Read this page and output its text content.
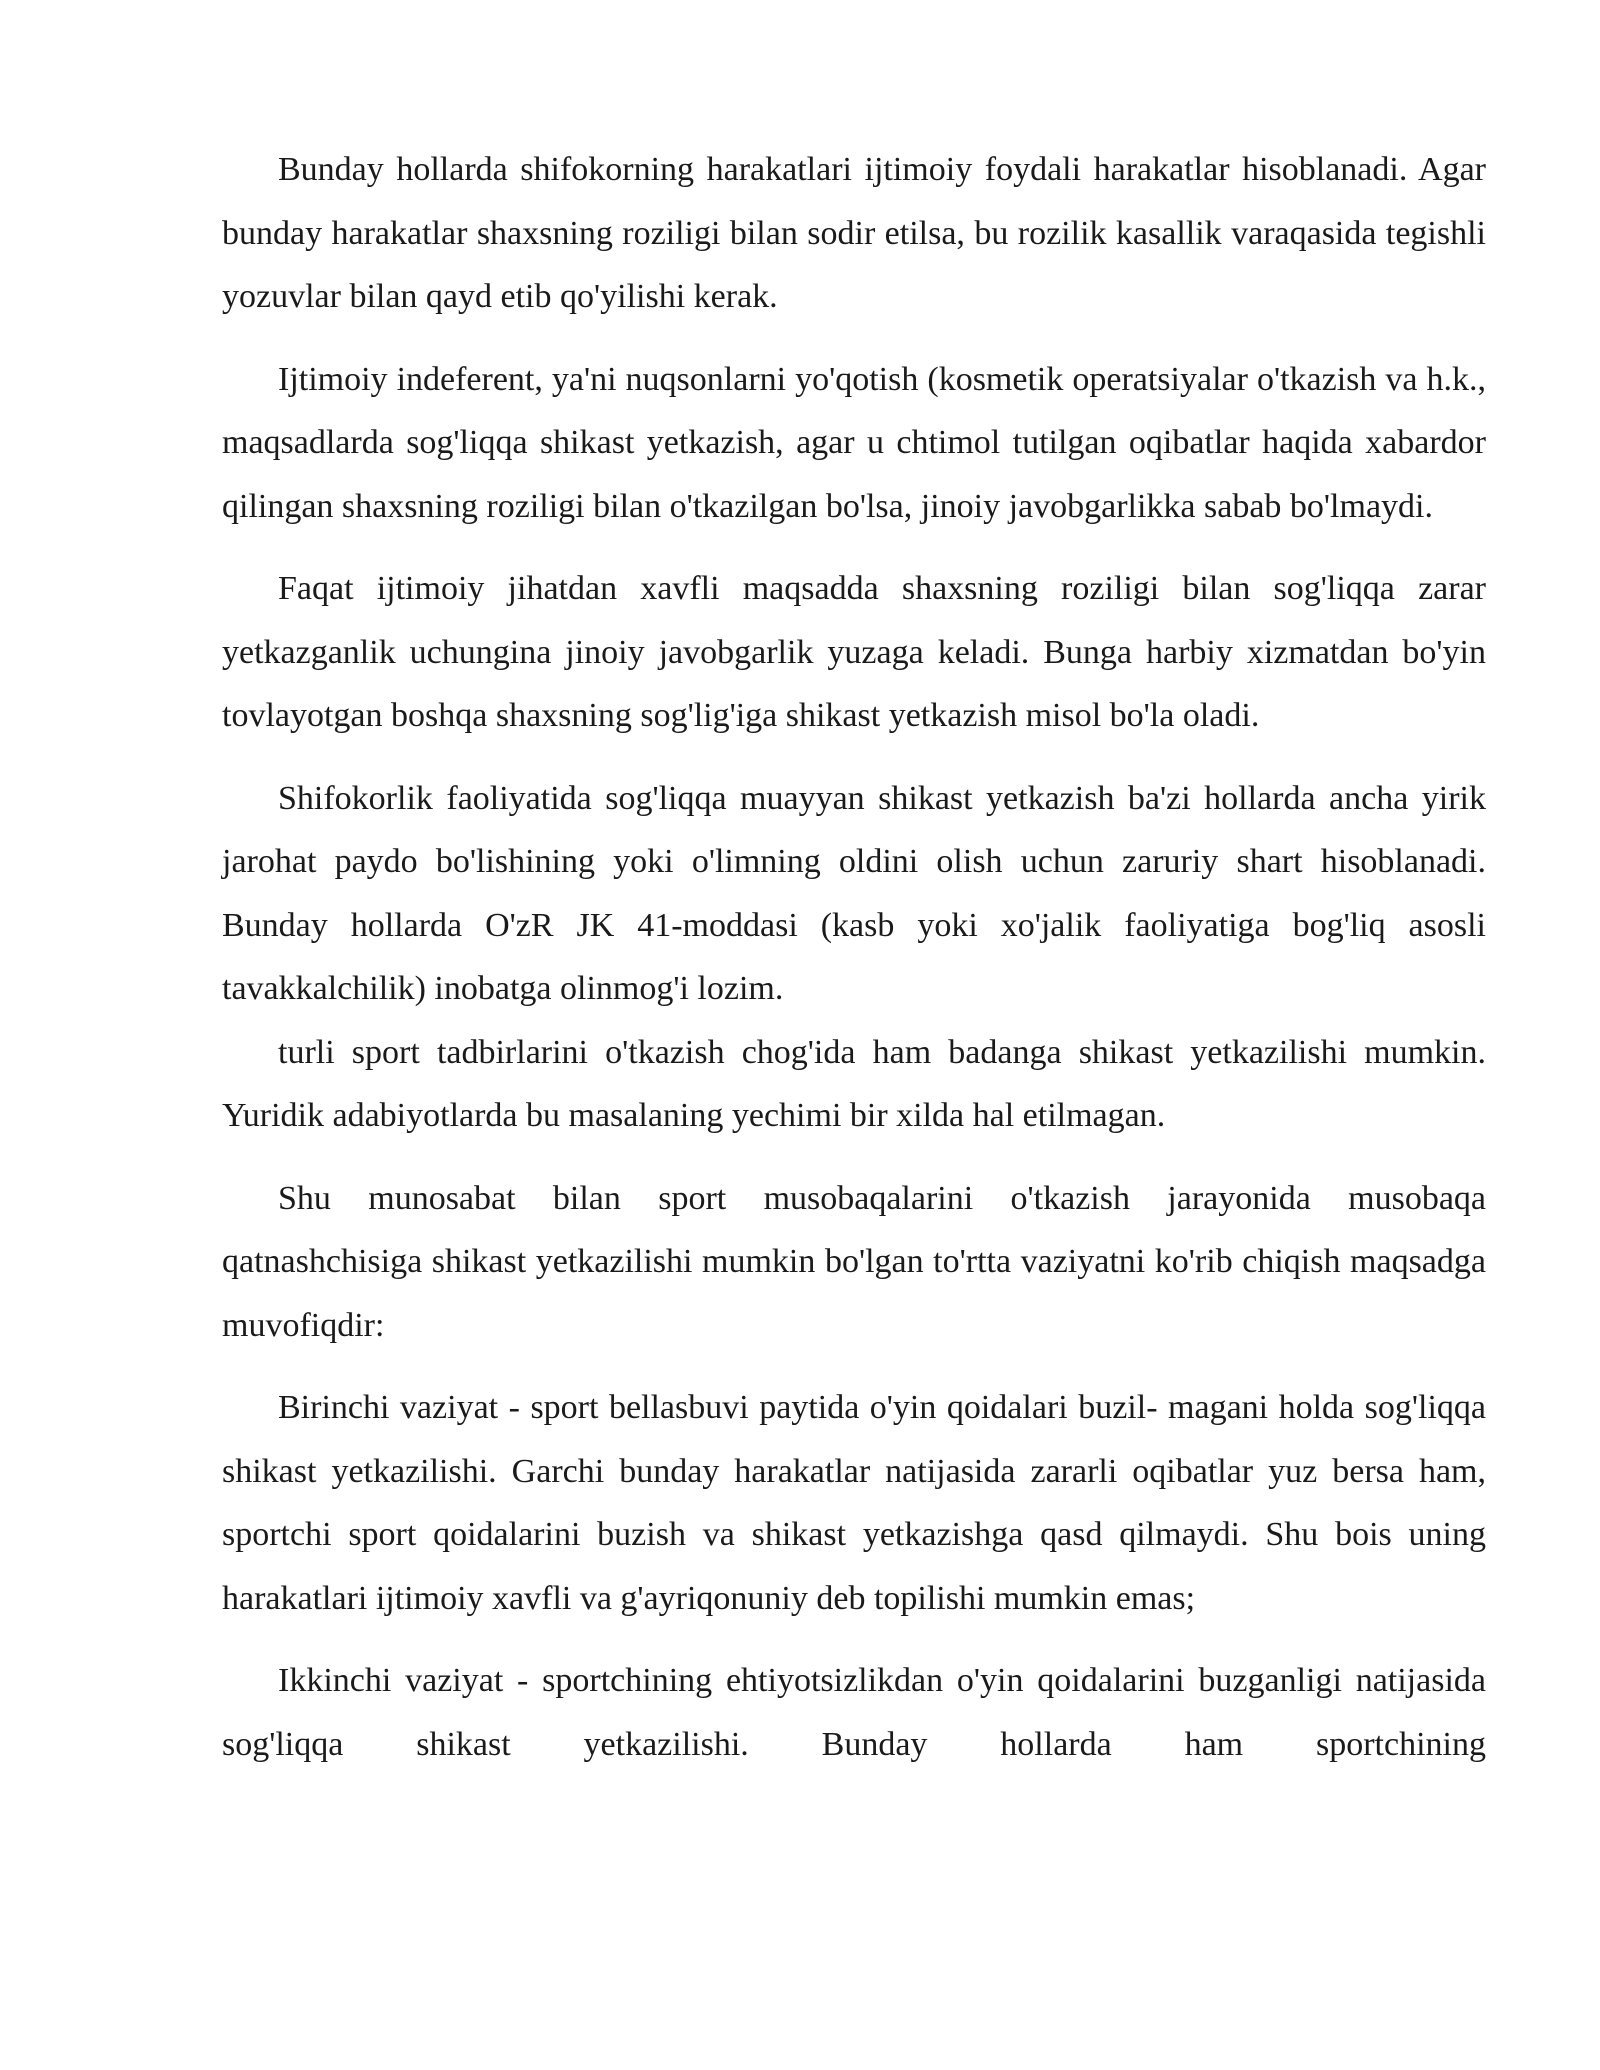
Bunday hollarda shifokorning harakatlari ijtimoiy foydali harakatlar hisoblanadi. Agar bunday harakatlar shaxsning roziligi bilan sodir etilsa, bu rozilik kasallik varaqasida tegishli yozuvlar bilan qayd etib qo'yilishi kerak.

Ijtimoiy indeferent, ya'ni nuqsonlarni yo'qotish (kosmetik operatsiyalar o'tkazish va h.k., maqsadlarda sog'liqqa shikast yetkazish, agar u chtimol tutilgan oqibatlar haqida xabardor qilingan shaxsning roziligi bilan o'tkazilgan bo'lsa, jinoiy javobgarlikka sabab bo'lmaydi.

Faqat ijtimoiy jihatdan xavfli maqsadda shaxsning roziligi bilan sog'liqqa zarar yetkazganlik uchungina jinoiy javobgarlik yuzaga keladi. Bunga harbiy xizmatdan bo'yin tovlayotgan boshqa shaxsning sog'lig'iga shikast yetkazish misol bo'la oladi.

Shifokorlik faoliyatida sog'liqqa muayyan shikast yetkazish ba'zi hollarda ancha yirik jarohat paydo bo'lishining yoki o'limning oldini olish uchun zaruriy shart hisoblanadi. Bunday hollarda O'zR JK 41-moddasi (kasb yoki xo'jalik faoliyatiga bog'liq asosli tavakkalchilik) inobatga olinmog'i lozim.

turli sport tadbirlarini o'tkazish chog'ida ham badanga shikast yetkazilishi mumkin. Yuridik adabiyotlarda bu masalaning yechimi bir xilda hal etilmagan.

Shu munosabat bilan sport musobaqalarini o'tkazish jarayonida musobaqa qatnashchisiga shikast yetkazilishi mumkin bo'lgan to'rtta vaziyatni ko'rib chiqish maqsadga muvofiqdir:

Birinchi vaziyat - sport bellasbuvi paytida o'yin qoidalari buzil- magani holda sog'liqqa shikast yetkazilishi. Garchi bunday harakatlar natijasida zararli oqibatlar yuz bersa ham, sportchi sport qoidalarini buzish va shikast yetkazishga qasd qilmaydi. Shu bois uning harakatlari ijtimoiy xavfli va g'ayriqonuniy deb topilishi mumkin emas;

Ikkinchi vaziyat - sportchining ehtiyotsizlikdan o'yin qoidalarini buzganligi natijasida sog'liqqa shikast yetkazilishi. Bunday hollarda ham sportchining
